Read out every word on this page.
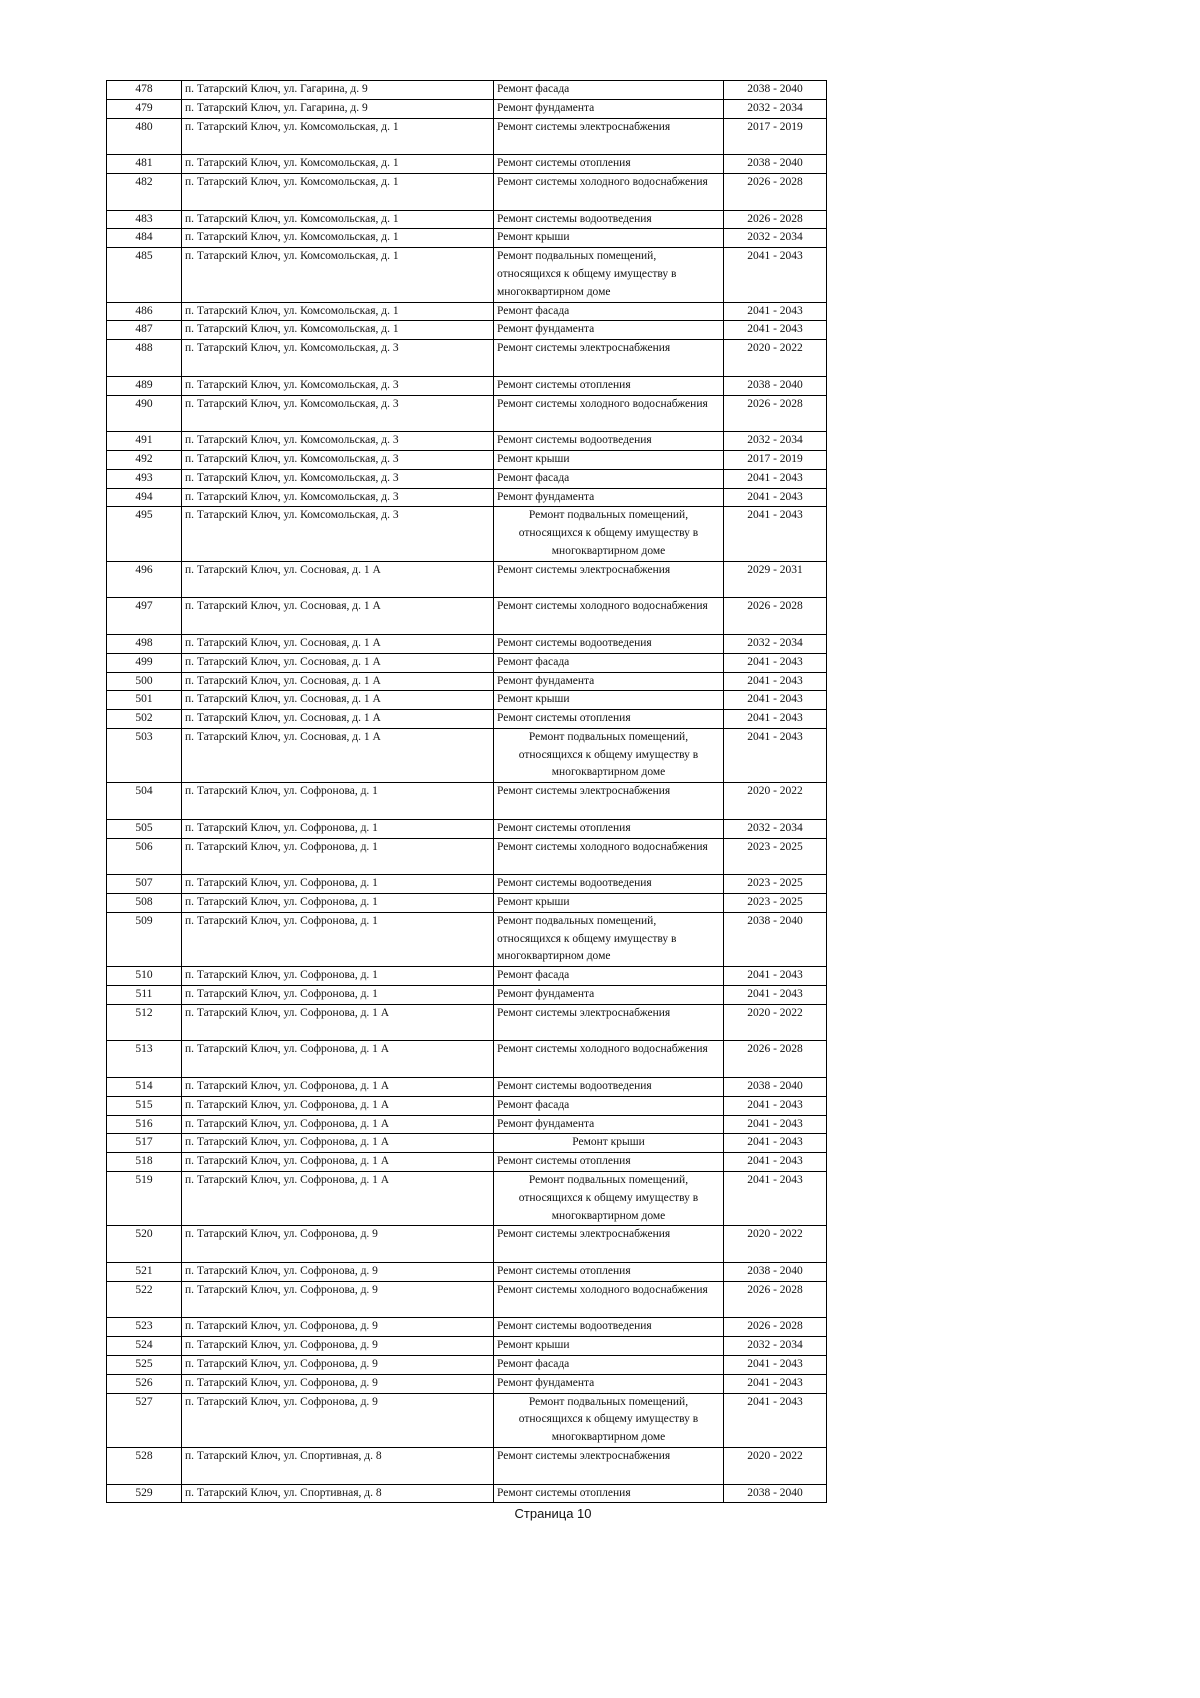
478	п. Татарский Ключ, ул. Гагарина, д. 9	Ремонт фасада	2038 - 2040
479	п. Татарский Ключ, ул. Гагарина, д. 9	Ремонт фундамента	2032 - 2034
480	п. Татарский Ключ, ул. Комсомольская, д. 1	Ремонт системы электроснабжения	2017 - 2019
481	п. Татарский Ключ, ул. Комсомольская, д. 1	Ремонт системы отопления	2038 - 2040
482	п. Татарский Ключ, ул. Комсомольская, д. 1	Ремонт системы холодного водоснабжения	2026 - 2028
483	п. Татарский Ключ, ул. Комсомольская, д. 1	Ремонт системы водоотведения	2026 - 2028
484	п. Татарский Ключ, ул. Комсомольская, д. 1	Ремонт крыши	2032 - 2034
485	п. Татарский Ключ, ул. Комсомольская, д. 1	Ремонт подвальных помещений, относящихся к общему имуществу в многоквартирном доме	2041 - 2043
486	п. Татарский Ключ, ул. Комсомольская, д. 1	Ремонт фасада	2041 - 2043
487	п. Татарский Ключ, ул. Комсомольская, д. 1	Ремонт фундамента	2041 - 2043
488	п. Татарский Ключ, ул. Комсомольская, д. 3	Ремонт системы электроснабжения	2020 - 2022
489	п. Татарский Ключ, ул. Комсомольская, д. 3	Ремонт системы отопления	2038 - 2040
490	п. Татарский Ключ, ул. Комсомольская, д. 3	Ремонт системы холодного водоснабжения	2026 - 2028
491	п. Татарский Ключ, ул. Комсомольская, д. 3	Ремонт системы водоотведения	2032 - 2034
492	п. Татарский Ключ, ул. Комсомольская, д. 3	Ремонт крыши	2017 - 2019
493	п. Татарский Ключ, ул. Комсомольская, д. 3	Ремонт фасада	2041 - 2043
494	п. Татарский Ключ, ул. Комсомольская, д. 3	Ремонт фундамента	2041 - 2043
495	п. Татарский Ключ, ул. Комсомольская, д. 3	Ремонт подвальных помещений, относящихся к общему имуществу в многоквартирном доме	2041 - 2043
496	п. Татарский Ключ, ул. Сосновая, д. 1 А	Ремонт системы электроснабжения	2029 - 2031
497	п. Татарский Ключ, ул. Сосновая, д. 1 А	Ремонт системы холодного водоснабжения	2026 - 2028
498	п. Татарский Ключ, ул. Сосновая, д. 1 А	Ремонт системы водоотведения	2032 - 2034
499	п. Татарский Ключ, ул. Сосновая, д. 1 А	Ремонт фасада	2041 - 2043
500	п. Татарский Ключ, ул. Сосновая, д. 1 А	Ремонт фундамента	2041 - 2043
501	п. Татарский Ключ, ул. Сосновая, д. 1 А	Ремонт крыши	2041 - 2043
502	п. Татарский Ключ, ул. Сосновая, д. 1 А	Ремонт системы отопления	2041 - 2043
503	п. Татарский Ключ, ул. Сосновая, д. 1 А	Ремонт подвальных помещений, относящихся к общему имуществу в многоквартирном доме	2041 - 2043
504	п. Татарский Ключ, ул. Софронова, д. 1	Ремонт системы электроснабжения	2020 - 2022
505	п. Татарский Ключ, ул. Софронова, д. 1	Ремонт системы отопления	2032 - 2034
506	п. Татарский Ключ, ул. Софронова, д. 1	Ремонт системы холодного водоснабжения	2023 - 2025
507	п. Татарский Ключ, ул. Софронова, д. 1	Ремонт системы водоотведения	2023 - 2025
508	п. Татарский Ключ, ул. Софронова, д. 1	Ремонт крыши	2023 - 2025
509	п. Татарский Ключ, ул. Софронова, д. 1	Ремонт подвальных помещений, относящихся к общему имуществу в многоквартирном доме	2038 - 2040
510	п. Татарский Ключ, ул. Софронова, д. 1	Ремонт фасада	2041 - 2043
511	п. Татарский Ключ, ул. Софронова, д. 1	Ремонт фундамента	2041 - 2043
512	п. Татарский Ключ, ул. Софронова, д. 1 А	Ремонт системы электроснабжения	2020 - 2022
513	п. Татарский Ключ, ул. Софронова, д. 1 А	Ремонт системы холодного водоснабжения	2026 - 2028
514	п. Татарский Ключ, ул. Софронова, д. 1 А	Ремонт системы водоотведения	2038 - 2040
515	п. Татарский Ключ, ул. Софронова, д. 1 А	Ремонт фасада	2041 - 2043
516	п. Татарский Ключ, ул. Софронова, д. 1 А	Ремонт фундамента	2041 - 2043
517	п. Татарский Ключ, ул. Софронова, д. 1 А	Ремонт крыши	2041 - 2043
518	п. Татарский Ключ, ул. Софронова, д. 1 А	Ремонт системы отопления	2041 - 2043
519	п. Татарский Ключ, ул. Софронова, д. 1 А	Ремонт подвальных помещений, относящихся к общему имуществу в многоквартирном доме	2041 - 2043
520	п. Татарский Ключ, ул. Софронова, д. 9	Ремонт системы электроснабжения	2020 - 2022
521	п. Татарский Ключ, ул. Софронова, д. 9	Ремонт системы отопления	2038 - 2040
522	п. Татарский Ключ, ул. Софронова, д. 9	Ремонт системы холодного водоснабжения	2026 - 2028
523	п. Татарский Ключ, ул. Софронова, д. 9	Ремонт системы водоотведения	2026 - 2028
524	п. Татарский Ключ, ул. Софронова, д. 9	Ремонт крыши	2032 - 2034
525	п. Татарский Ключ, ул. Софронова, д. 9	Ремонт фасада	2041 - 2043
526	п. Татарский Ключ, ул. Софронова, д. 9	Ремонт фундамента	2041 - 2043
527	п. Татарский Ключ, ул. Софронова, д. 9	Ремонт подвальных помещений, относящихся к общему имуществу в многоквартирном доме	2041 - 2043
528	п. Татарский Ключ, ул. Спортивная, д. 8	Ремонт системы электроснабжения	2020 - 2022
529	п. Татарский Ключ, ул. Спортивная, д. 8	Ремонт системы отопления	2038 - 2040
Страница 10
